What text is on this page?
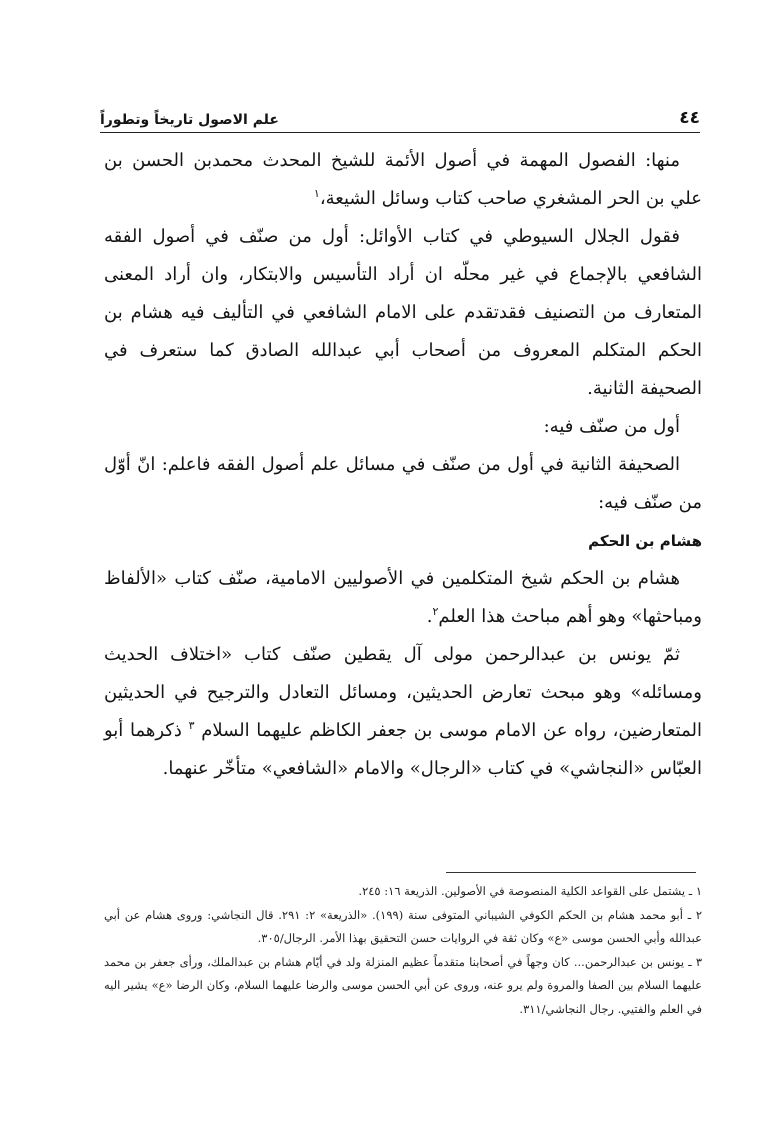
علم الاصول تاريخاً وتطوراً	٤٤

منها: الفصول المهمة في أصول الأئمة للشيخ المحدث محمدبن الحسن بن علي بن الحر المشغري صاحب كتاب وسائل الشيعة،$^١$

فقول الجلال السيوطي في كتاب الأوائل: أول من صنّف في أصول الفقه الشافعي بالإجماع في غير محلّه ان أراد التأسيس والابتكار، وان أراد المعنى المتعارف من التصنيف فقدتقدم على الامام الشافعي في التأليف فيه هشام بن الحكم المتكلم المعروف من أصحاب أبي عبدالله الصادق كما ستعرف في الصحيفة الثانية.

أول من صنّف فيه:

الصحيفة الثانية في أول من صنّف في مسائل علم أصول الفقه فاعلم: انّ أوّل من صنّف فيه:

هشام بن الحكم

هشام بن الحكم شيخ المتكلمين في الأصوليين الامامية، صنّف كتاب «الألفاظ ومباحثها» وهو أهم مباحث هذا العلم$^٢$.

ثمّ يونس بن عبدالرحمن مولى آل يقطين صنّف كتاب «اختلاف الحديث ومسائله» وهو مبحث تعارض الحديثين، ومسائل التعادل والترجيح في الحديثين المتعارضين، رواه عن الامام موسى بن جعفر الكاظم عليهما السلام $^٣$ ذكرهما أبو العبّاس «النجاشي» في كتاب «الرجال» والامام «الشافعي» متأخّر عنهما.

١ ـ يشتمل على القواعد الكلية المنصوصة في الأصولين. الذريعة ١٦: ٢٤٥.

٢ ـ أبو محمد هشام بن الحكم الكوفي الشيباني المتوفى سنة (١٩٩). «الذريعة» ٢: ٢٩١. قال النجاشي: وروى هشام عن أبي عبدالله وأبي الحسن موسى «ع» وكان ثقة في الروايات حسن التحقيق بهذا الأمر. الرجال/٣٠٥.

٣ ـ يونس بن عبدالرحمن... كان وجهاً في أصحابنا متقدماً عظيم المنزلة ولد في أيّام هشام بن عبدالملك، ورأى جعفر بن محمد عليهما السلام بين الصفا والمروة ولم يرو عنه، وروى عن أبي الحسن موسى والرضا عليهما السلام، وكان الرضا «ع» يشير اليه في العلم والفتيي. رجال النجاشي/٣١١.
